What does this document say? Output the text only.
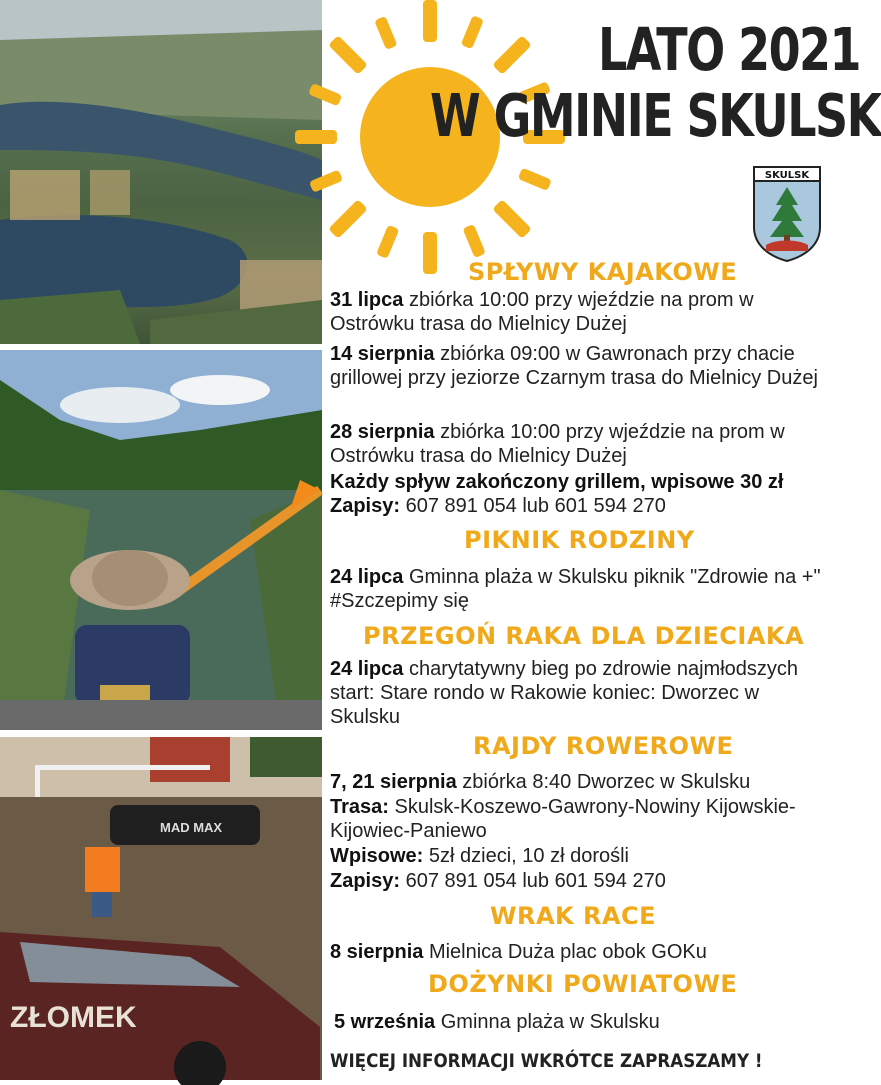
MAD MAX
ZŁOMEK
LATO 2021
W GMINIE SKULSK
SKULSK
SPŁYWY KAJAKOWE
31 lipca zbiórka 10:00 przy wjeździe na prom w Ostrówku trasa do Mielnicy Dużej
14 sierpnia zbiórka 09:00 w Gawronach przy chacie grillowej przy jeziorze Czarnym trasa do Mielnicy Dużej
28 sierpnia zbiórka 10:00 przy wjeździe na prom w Ostrówku trasa do Mielnicy Dużej
Każdy spływ zakończony grillem, wpisowe 30 zł
Zapisy: 607 891 054 lub 601 594 270
PIKNIK RODZINY
24 lipca Gminna plaża w Skulsku piknik "Zdrowie na +" #Szczepimy się
PRZEGOŃ RAKA DLA DZIECIAKA
24 lipca charytatywny bieg po zdrowie najmłodszych start: Stare rondo w Rakowie koniec: Dworzec w Skulsku
RAJDY ROWEROWE
7, 21 sierpnia zbiórka 8:40 Dworzec w Skulsku
Trasa: Skulsk-Koszewo-Gawrony-Nowiny Kijowskie-Kijowiec-Paniewo
Wpisowe: 5zł dzieci, 10 zł dorośli
Zapisy: 607 891 054 lub 601 594 270
WRAK RACE
8 sierpnia Mielnica Duża plac obok GOKu
DOŻYNKI POWIATOWE
5 września Gminna plaża w Skulsku
WIĘCEJ INFORMACJI WKRÓTCE ZAPRASZAMY !
